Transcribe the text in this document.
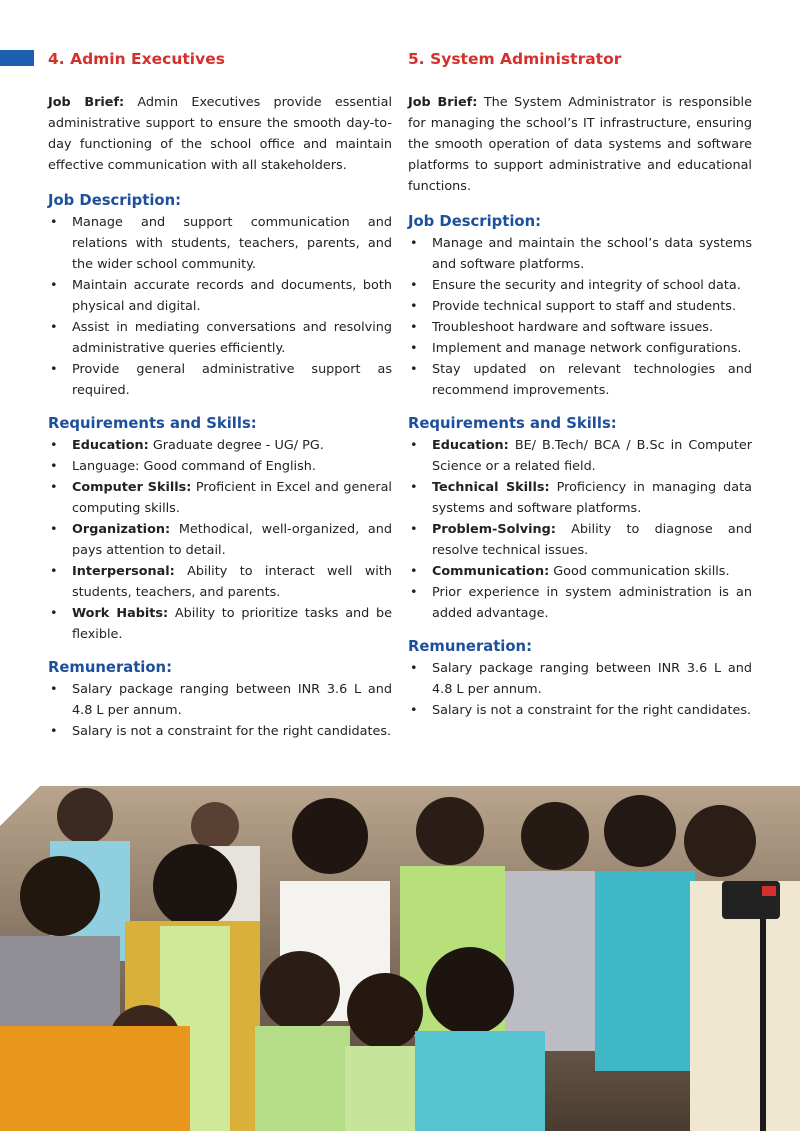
4. Admin Executives

Job Brief: Admin Executives provide essential administrative support to ensure the smooth day-to-day functioning of the school office and maintain effective communication with all stakeholders.

Job Description:
• Manage and support communication and relations with students, teachers, parents, and the wider school community.
• Maintain accurate records and documents, both physical and digital.
• Assist in mediating conversations and resolving administrative queries efficiently.
• Provide general administrative support as required.
Requirements and Skills:
• Education: Graduate degree - UG/ PG.
• Language: Good command of English.
• Computer Skills: Proficient in Excel and general computing skills.
• Organization: Methodical, well-organized, and pays attention to detail.
• Interpersonal: Ability to interact well with students, teachers, and parents.
• Work Habits: Ability to prioritize tasks and be flexible.
Remuneration:
• Salary package ranging between INR 3.6 L and 4.8 L per annum.
• Salary is not a constraint for the right candidates.
5. System Administrator

Job Brief: The System Administrator is responsible for managing the school’s IT infrastructure, ensuring the smooth operation of data systems and software platforms to support administrative and educational functions.

Job Description:
• Manage and maintain the school’s data systems and software platforms.
• Ensure the security and integrity of school data.
• Provide technical support to staff and students.
• Troubleshoot hardware and software issues.
• Implement and manage network configurations.
• Stay updated on relevant technologies and recommend improvements.
Requirements and Skills:
• Education: BE/ B.Tech/ BCA / B.Sc in Computer Science or a related field.
• Technical Skills: Proficiency in managing data systems and software platforms.
• Problem-Solving: Ability to diagnose and resolve technical issues.
• Communication: Good communication skills.
• Prior experience in system administration is an added advantage.
Remuneration:
• Salary package ranging between INR 3.6 L and 4.8 L per annum.
• Salary is not a constraint for the right candidates.
